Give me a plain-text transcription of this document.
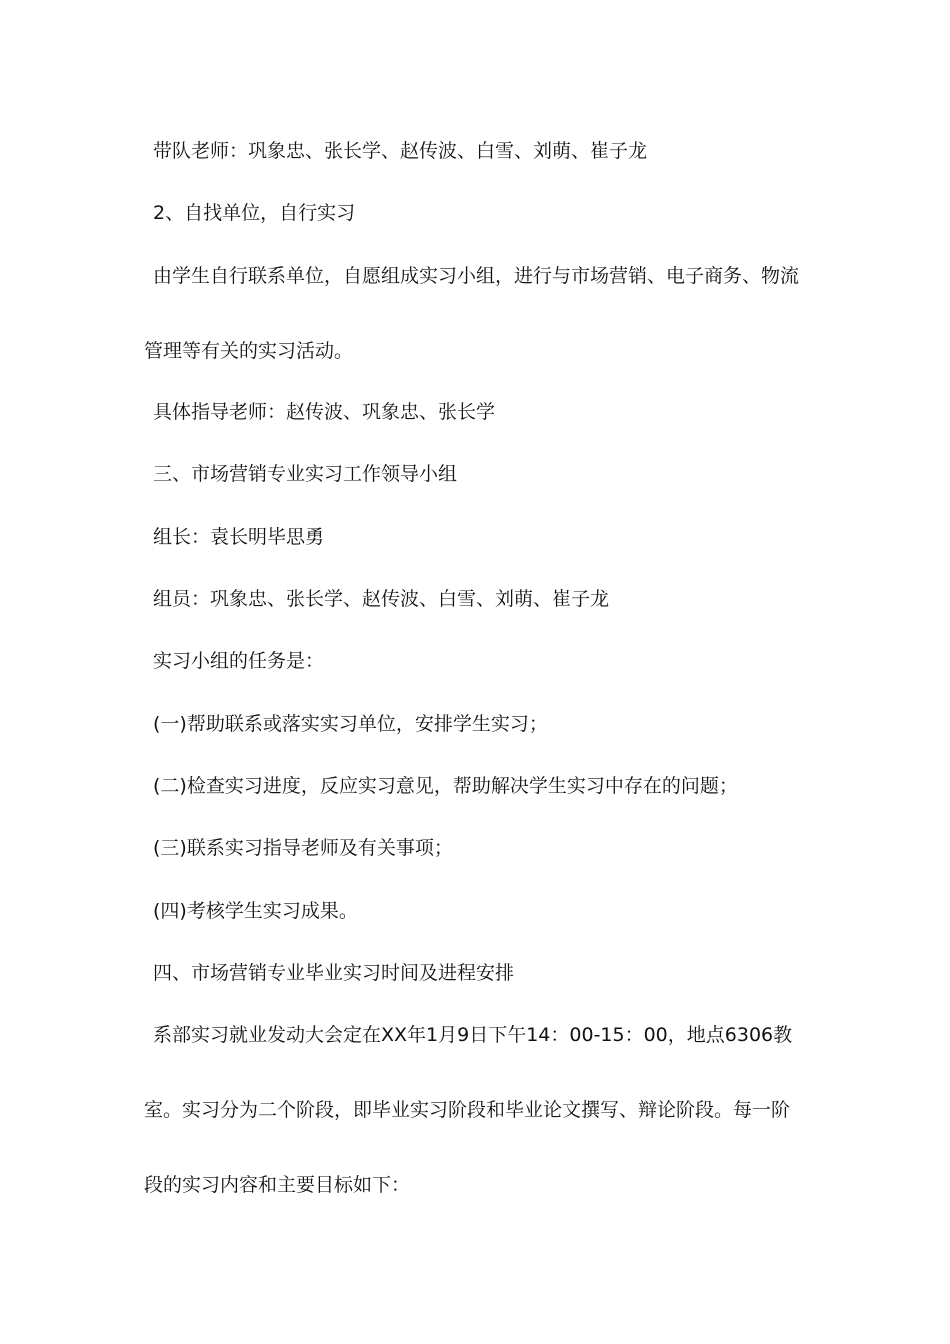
带队老师：巩象忠、张长学、赵传波、白雪、刘萌、崔子龙
2、自找单位，自行实习
由学生自行联系单位，自愿组成实习小组，进行与市场营销、电子商务、物流
管理等有关的实习活动。
具体指导老师：赵传波、巩象忠、张长学
三、市场营销专业实习工作领导小组
组长：袁长明毕思勇
组员：巩象忠、张长学、赵传波、白雪、刘萌、崔子龙
实习小组的任务是：
(一)帮助联系或落实实习单位，安排学生实习；
(二)检查实习进度，反应实习意见，帮助解决学生实习中存在的问题；
(三)联系实习指导老师及有关事项；
(四)考核学生实习成果。
四、市场营销专业毕业实习时间及进程安排
系部实习就业发动大会定在XX年1月9日下午14：00-15：00，地点6306教
室。实习分为二个阶段，即毕业实习阶段和毕业论文撰写、辩论阶段。每一阶
段的实习内容和主要目标如下：
